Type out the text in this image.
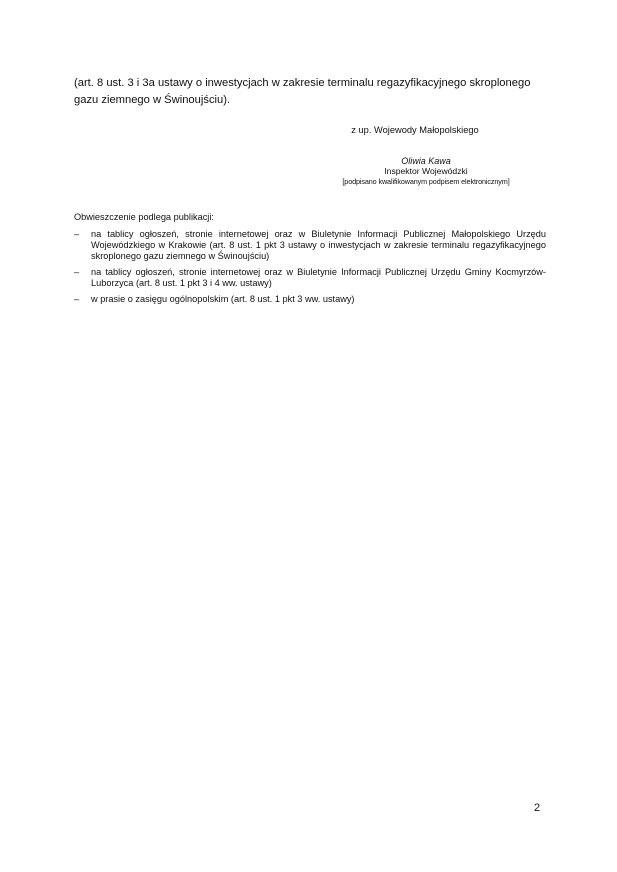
(art. 8 ust. 3 i 3a ustawy o inwestycjach w zakresie terminalu regazyfikacyjnego skroplonego gazu ziemnego w Świnoujściu).

z up. Wojewody Małopolskiego
Oliwia Kawa
Inspektor Wojewódzki
[podpisano kwalifikowanym podpisem elektronicznym]
Obwieszczenie podlega publikacji:
– na tablicy ogłoszeń, stronie internetowej oraz w Biuletynie Informacji Publicznej Małopolskiego Urzędu Wojewódzkiego w Krakowie (art. 8 ust. 1 pkt 3 ustawy o inwestycjach w zakresie terminalu regazyfikacyjnego skroplonego gazu ziemnego w Świnoujściu)
– na tablicy ogłoszeń, stronie internetowej oraz w Biuletynie Informacji Publicznej Urzędu Gminy Kocmyrzów-Luborzyca (art. 8 ust. 1 pkt 3 i 4 ww. ustawy)
– w prasie o zasięgu ogólnopolskim (art. 8 ust. 1 pkt 3 ww. ustawy)
2
